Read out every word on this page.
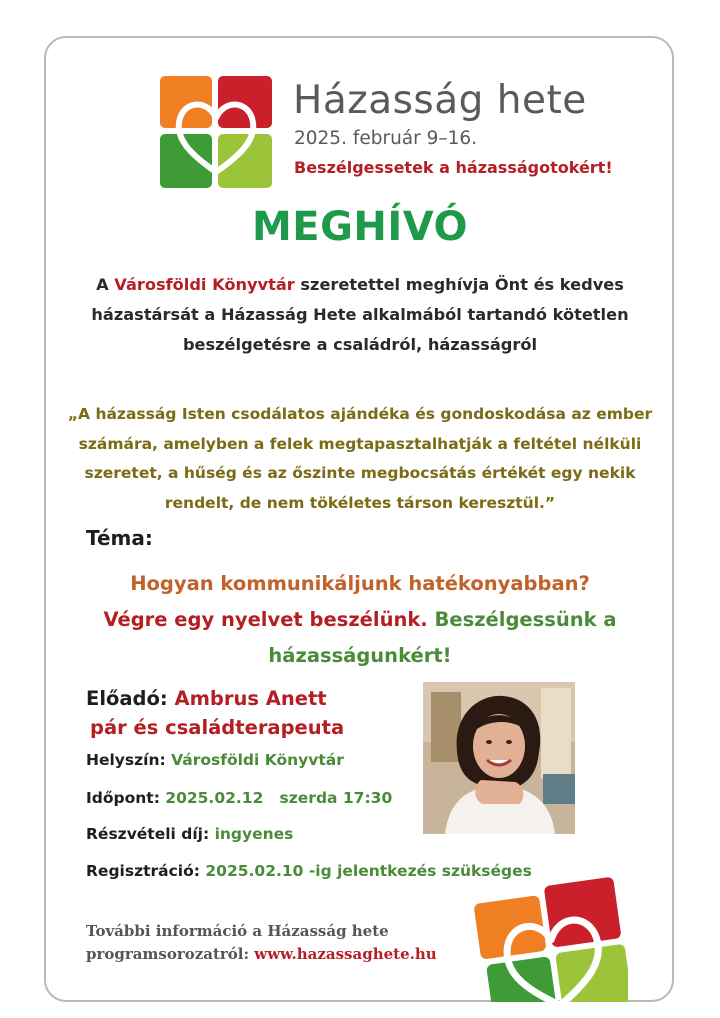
Házasság hete
2025. február 9–16.
Beszélgessetek a házasságotokért!
MEGHÍVÓ
A Városföldi Könyvtár szeretettel meghívja Önt és kedves házastársát a Házasság Hete alkalmából tartandó kötetlen beszélgetésre a családról, házasságról
„A házasság Isten csodálatos ajándéka és gondoskodása az ember számára, amelyben a felek megtapasztalhatják a feltétel nélküli szeretet, a hűség és az őszinte megbocsátás értékét egy nekik rendelt, de nem tökéletes társon keresztül.”
Téma:
Hogyan kommunikáljunk hatékonyabban?
Végre egy nyelvet beszélünk. Beszélgessünk a
házasságunkért!
Előadó: Ambrus Anett
pár és családterapeuta
Helyszín: Városföldi Könyvtár
Időpont: 2025.02.12   szerda 17:30
Részvételi díj: ingyenes
Regisztráció: 2025.02.10 -ig jelentkezés szükséges
További információ a Házasság hete
programsorozatról: www.hazassaghete.hu
